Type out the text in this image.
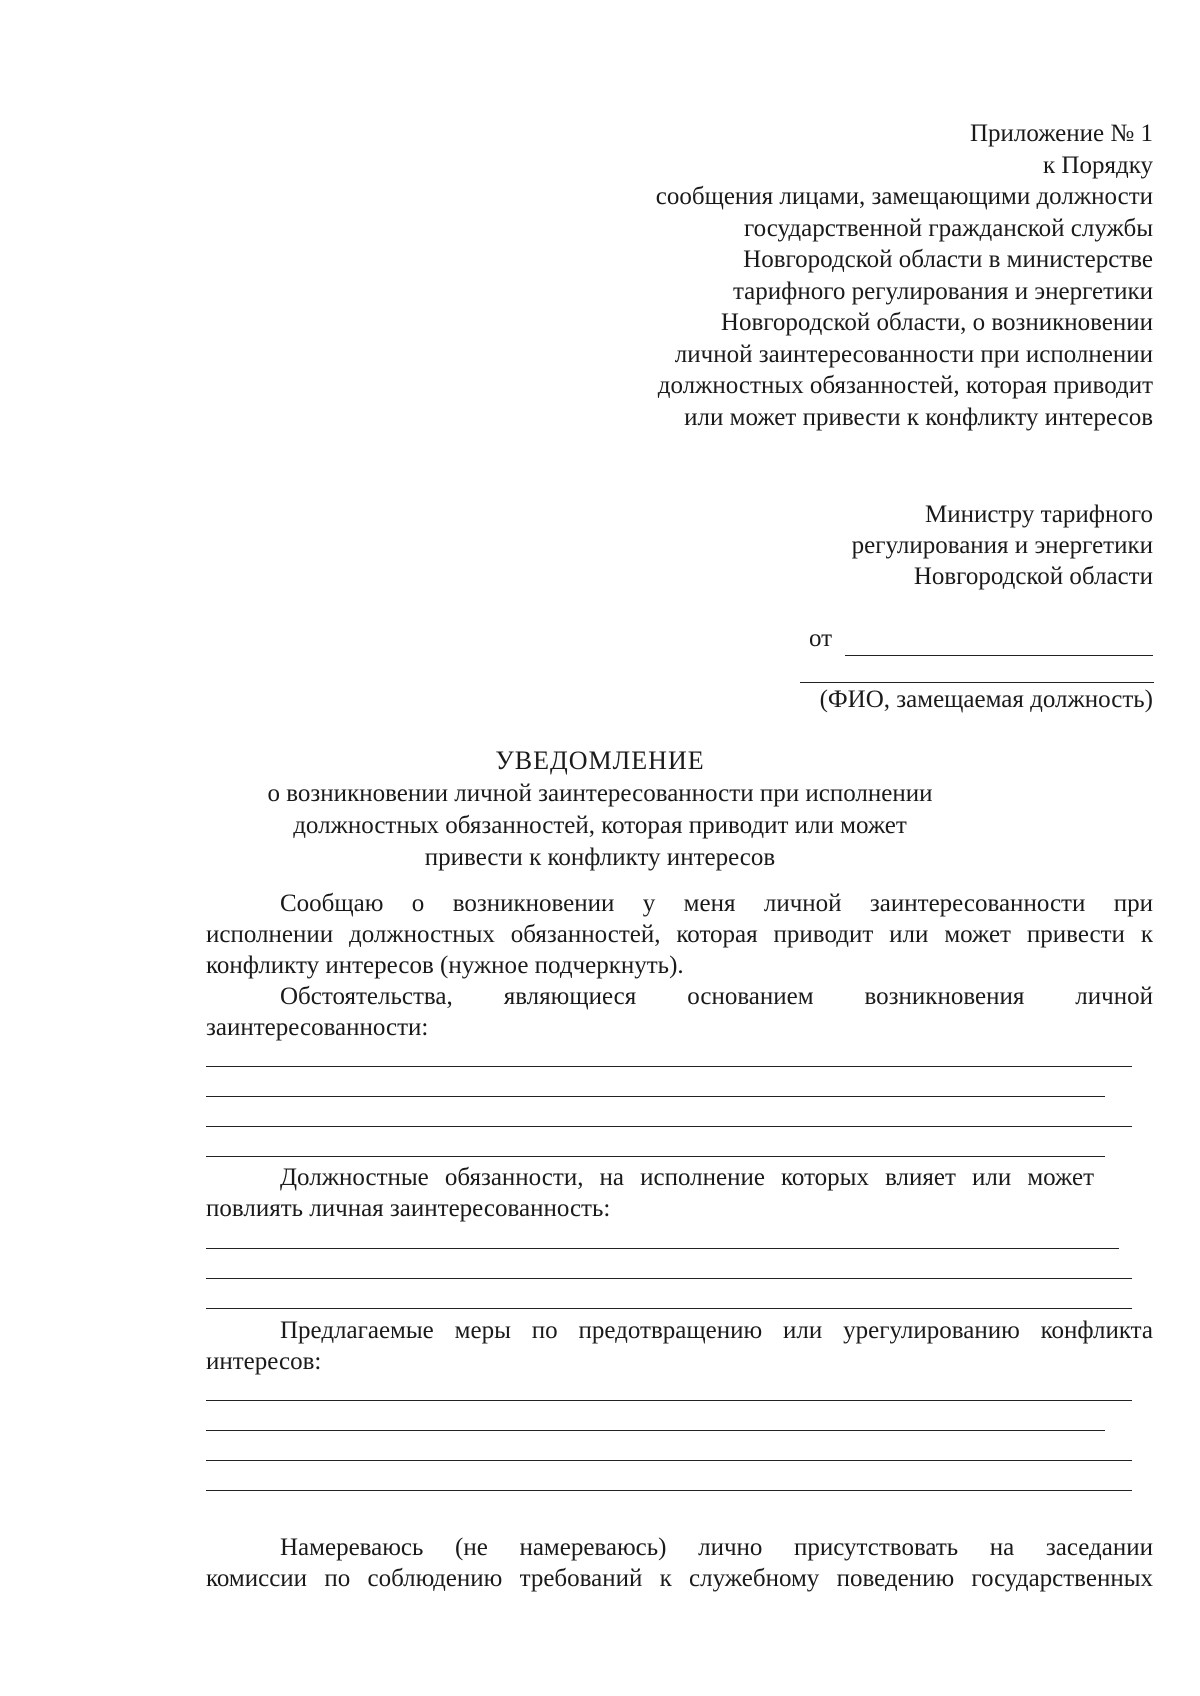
Приложение № 1
к Порядку
сообщения лицами, замещающими должности
государственной гражданской службы
Новгородской области в министерстве
тарифного регулирования и энергетики
Новгородской области, о возникновении
личной заинтересованности при исполнении
должностных обязанностей, которая приводит
или может привести к конфликту интересов
Министру тарифного
регулирования и энергетики
Новгородской области
от
(ФИО, замещаемая должность)
УВЕДОМЛЕНИЕ
о возникновении личной заинтересованности при исполнении
должностных обязанностей, которая приводит или может
привести к конфликту интересов
Сообщаю о возникновении у меня личной заинтересованности при
исполнении должностных обязанностей, которая приводит или может привести к
конфликту интересов (нужное подчеркнуть).
Обстоятельства, являющиеся основанием возникновения личной
заинтересованности:
Должностные обязанности, на исполнение которых влияет или может
повлиять личная заинтересованность:
Предлагаемые меры по предотвращению или урегулированию конфликта
интересов:
Намереваюсь (не намереваюсь) лично присутствовать на заседании
комиссии по соблюдению требований к служебному поведению государственных
